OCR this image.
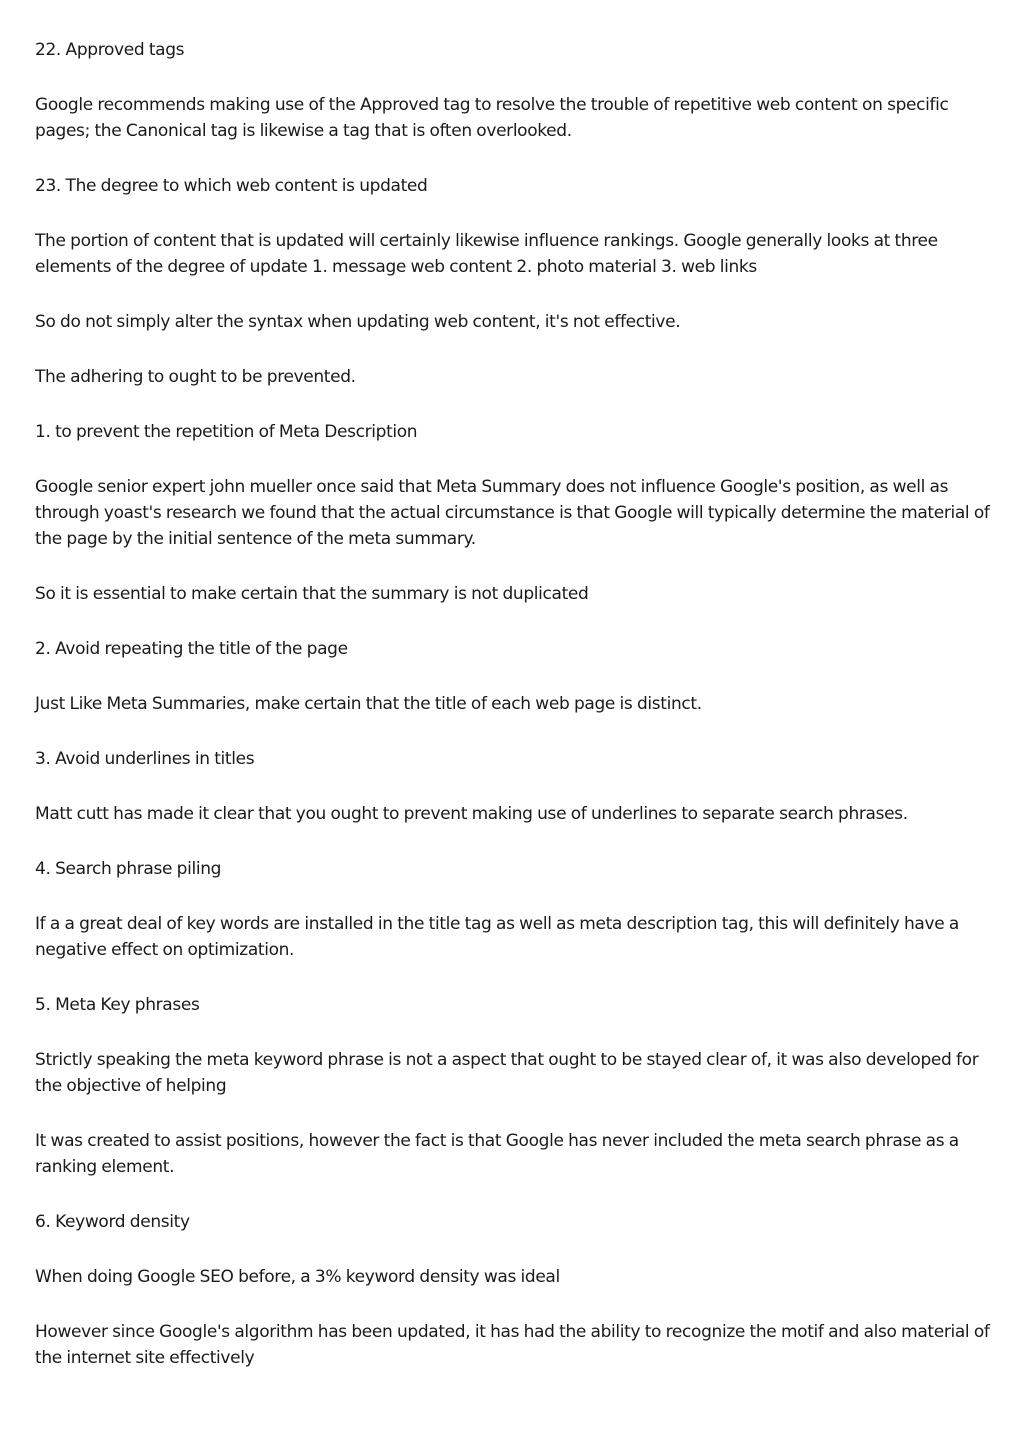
22. Approved tags

Google recommends making use of the Approved tag to resolve the trouble of repetitive web content on specific pages; the Canonical tag is likewise a tag that is often overlooked.

23. The degree to which web content is updated

The portion of content that is updated will certainly likewise influence rankings. Google generally looks at three elements of the degree of update 1. message web content 2. photo material 3. web links

So do not simply alter the syntax when updating web content, it's not effective.

The adhering to ought to be prevented.

1. to prevent the repetition of Meta Description

Google senior expert john mueller once said that Meta Summary does not influence Google's position, as well as through yoast's research we found that the actual circumstance is that Google will typically determine the material of the page by the initial sentence of the meta summary.

So it is essential to make certain that the summary is not duplicated

2. Avoid repeating the title of the page

Just Like Meta Summaries, make certain that the title of each web page is distinct.

3. Avoid underlines in titles

Matt cutt has made it clear that you ought to prevent making use of underlines to separate search phrases.

4. Search phrase piling

If a a great deal of key words are installed in the title tag as well as meta description tag, this will definitely have a negative effect on optimization.

5. Meta Key phrases

Strictly speaking the meta keyword phrase is not a aspect that ought to be stayed clear of, it was also developed for the objective of helping

It was created to assist positions, however the fact is that Google has never included the meta search phrase as a ranking element.

6. Keyword density

When doing Google SEO before, a 3% keyword density was ideal

However since Google's algorithm has been updated, it has had the ability to recognize the motif and also material of the internet site effectively
